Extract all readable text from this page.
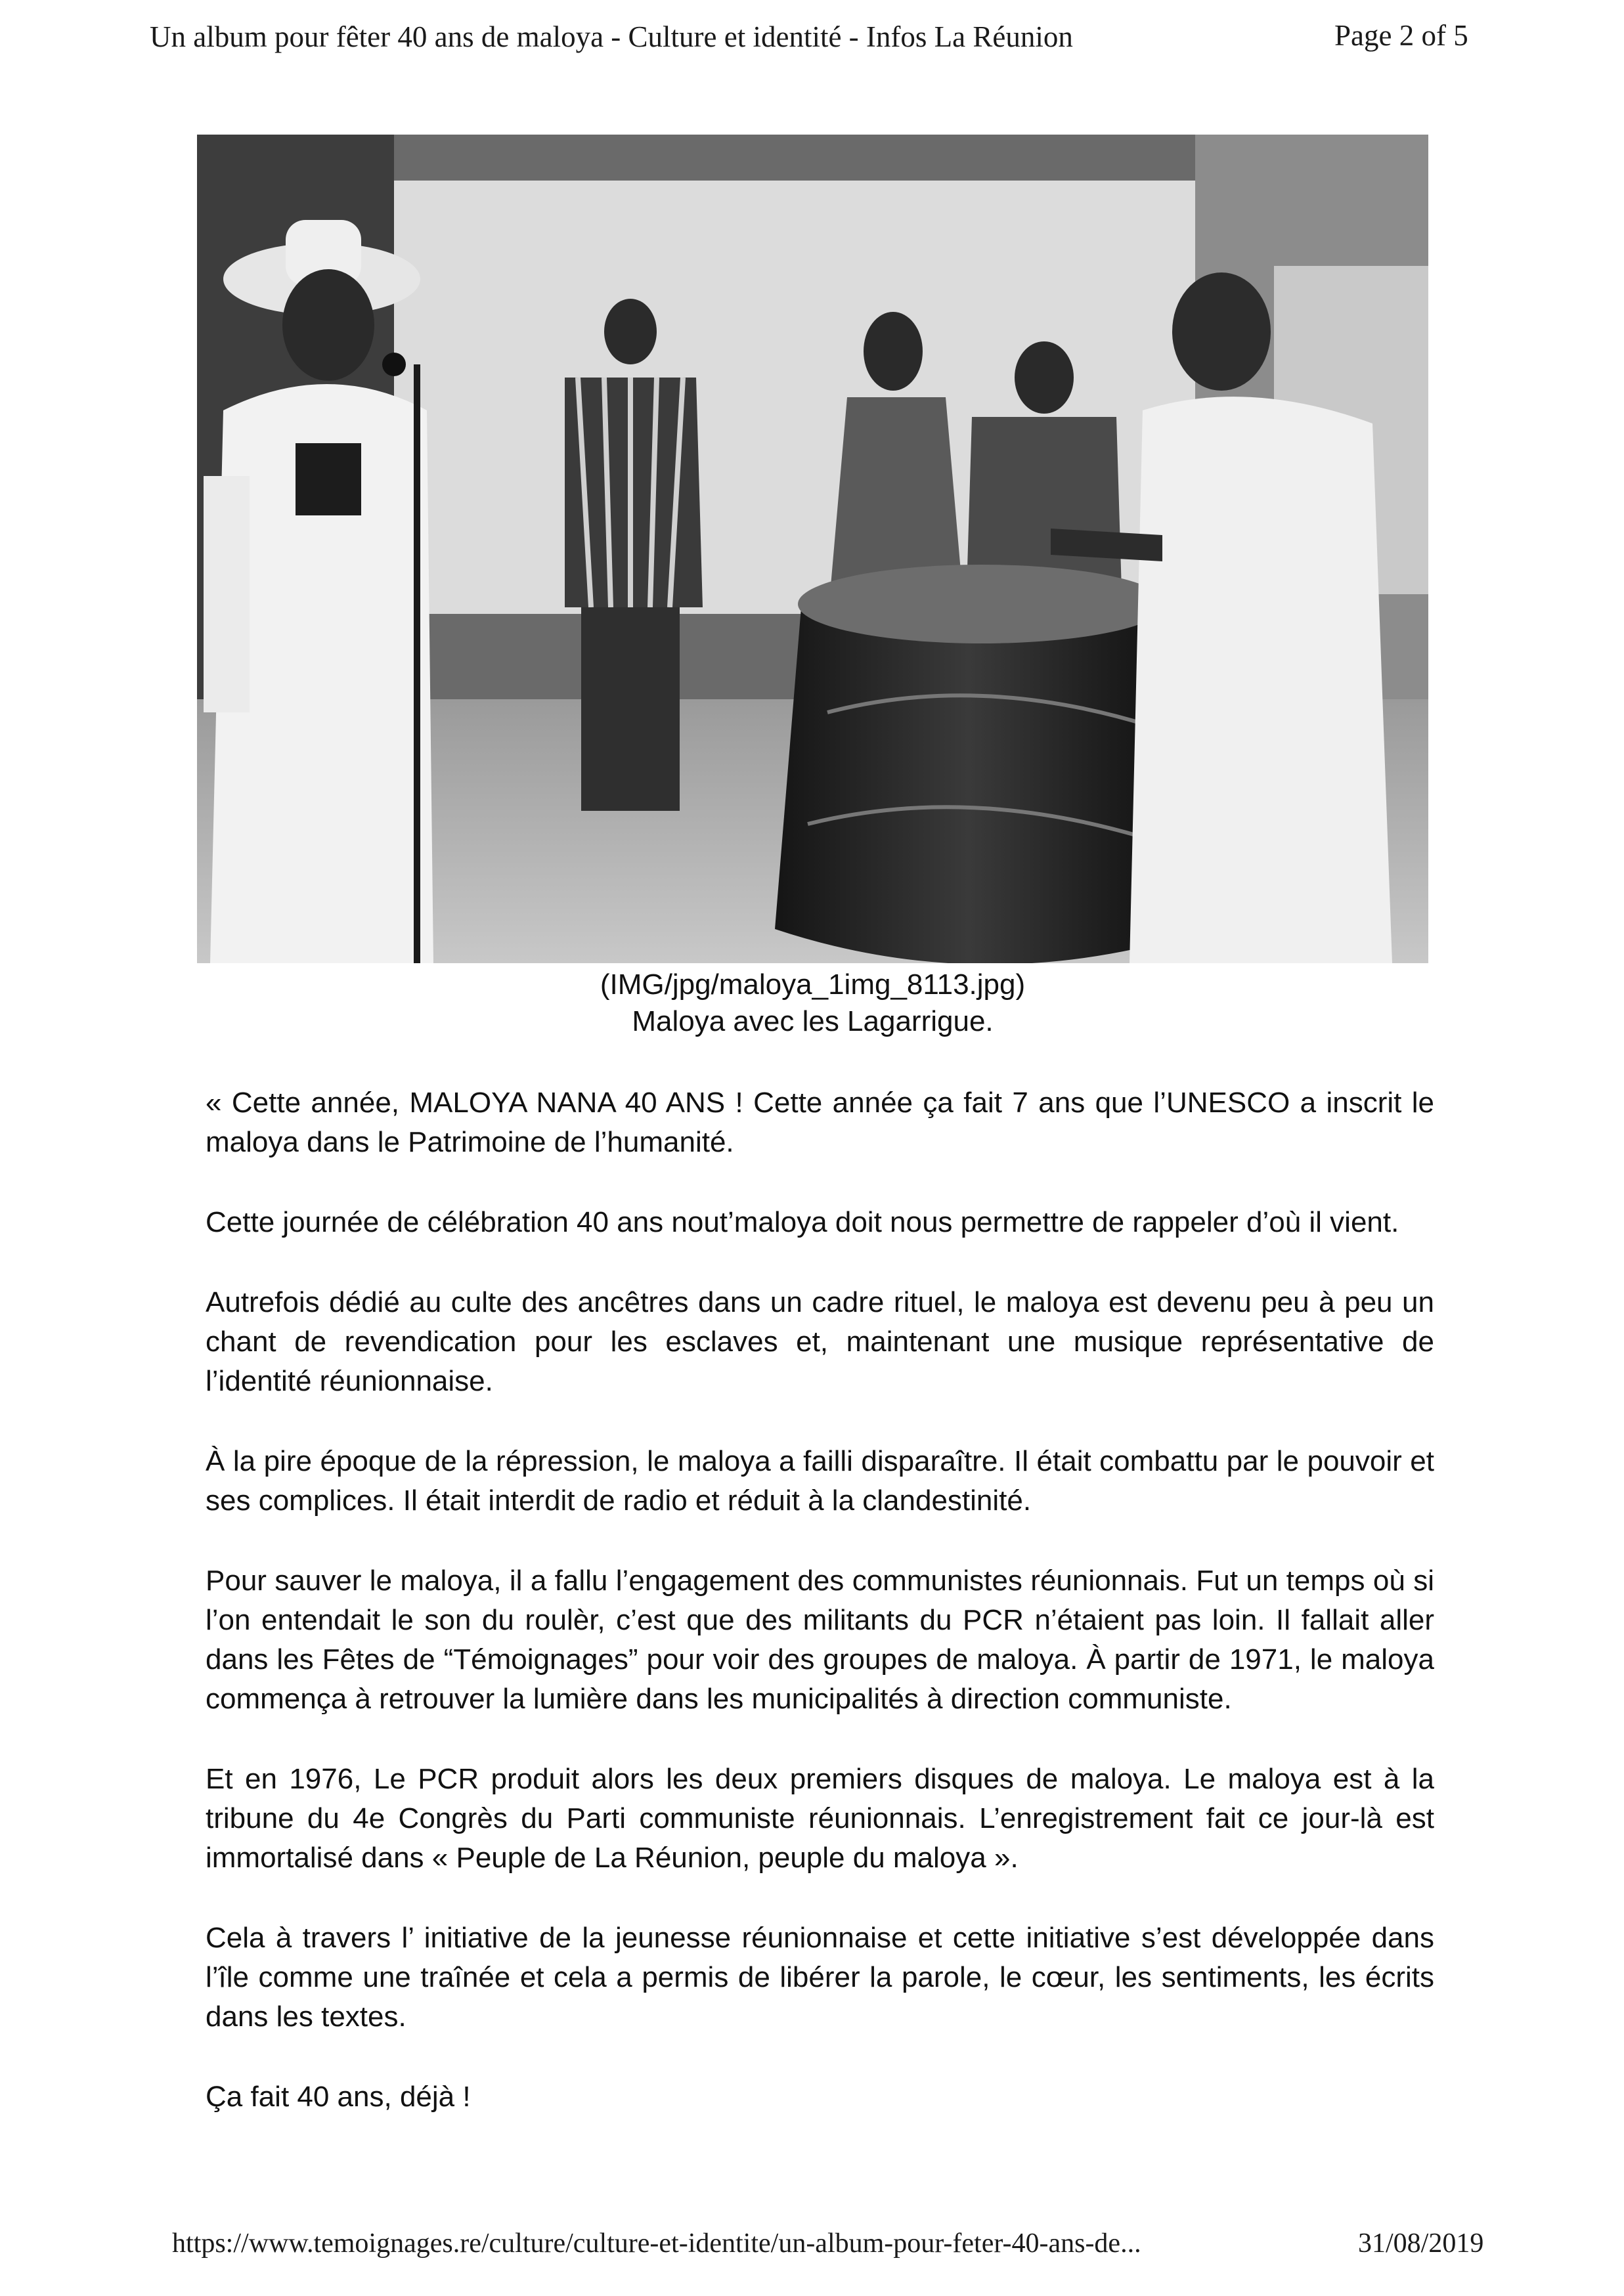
Un album pour fêter 40 ans de maloya - Culture et identité - Infos La Réunion	Page 2 of 5
(IMG/jpg/maloya_1img_8113.jpg)
Maloya avec les Lagarrigue.

« Cette année, MALOYA NANA 40 ANS ! Cette année ça fait 7 ans que l’UNESCO a inscrit le maloya dans le Patrimoine de l’humanité.

Cette journée de célébration 40 ans nout’maloya doit nous permettre de rappeler d’où il vient.

Autrefois dédié au culte des ancêtres dans un cadre rituel, le maloya est devenu peu à peu un chant de revendication pour les esclaves et, maintenant une musique représentative de l’identité réunionnaise.

À la pire époque de la répression, le maloya a failli disparaître. Il était combattu par le pouvoir et ses complices. Il était interdit de radio et réduit à la clandestinité.

Pour sauver le maloya, il a fallu l’engagement des communistes réunionnais. Fut un temps où si l’on entendait le son du roulèr, c’est que des militants du PCR n’étaient pas loin. Il fallait aller dans les Fêtes de “Témoignages” pour voir des groupes de maloya. À partir de 1971, le maloya commença à retrouver la lumière dans les municipalités à direction communiste.

Et en 1976, Le PCR produit alors les deux premiers disques de maloya. Le maloya est à la tribune du 4e Congrès du Parti communiste réunionnais. L’enregistrement fait ce jour-là est immortalisé dans « Peuple de La Réunion, peuple du maloya ».

Cela à travers l’ initiative de la jeunesse réunionnaise et cette initiative s’est développée dans l’île comme une traînée et cela a permis de libérer la parole, le cœur, les sentiments, les écrits dans les textes.

Ça fait 40 ans, déjà !

https://www.temoignages.re/culture/culture-et-identite/un-album-pour-feter-40-ans-de...	31/08/2019
